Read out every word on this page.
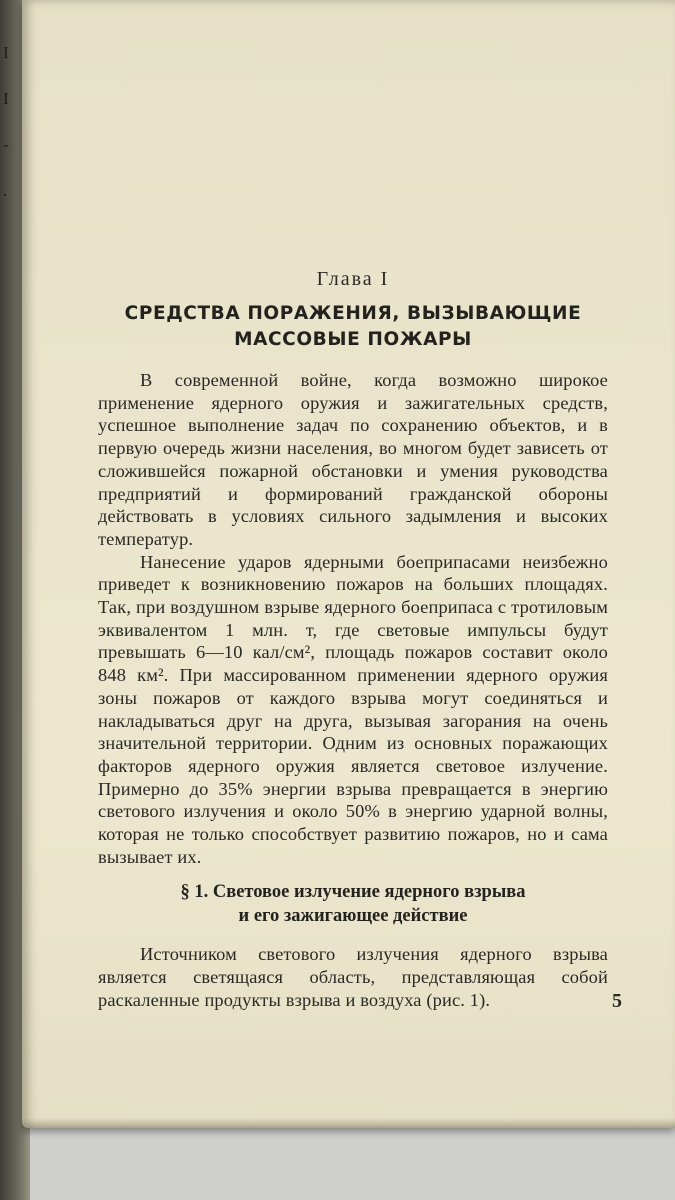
I
I
-
.

Глава I

СРЕДСТВА ПОРАЖЕНИЯ, ВЫЗЫВАЮЩИЕ
МАССОВЫЕ ПОЖАРЫ

В современной войне, когда возможно широкое применение ядерного оружия и зажигательных средств, успешное выполнение задач по сохранению объектов, и в первую очередь жизни населения, во многом будет зависеть от сложившейся пожарной обстановки и умения руководства предприятий и формирований гражданской обороны действовать в условиях сильного задымления и высоких температур.

Нанесение ударов ядерными боеприпасами неизбежно приведет к возникновению пожаров на больших площадях. Так, при воздушном взрыве ядерного боеприпаса с тротиловым эквивалентом 1 млн. т, где световые импульсы будут превышать 6—10 кал/см², площадь пожаров составит около 848 км². При массированном применении ядерного оружия зоны пожаров от каждого взрыва могут соединяться и накладываться друг на друга, вызывая загорания на очень значительной территории. Одним из основных поражающих факторов ядерного оружия является световое излучение. Примерно до 35% энергии взрыва превращается в энергию светового излучения и около 50% в энергию ударной волны, которая не только способствует развитию пожаров, но и сама вызывает их.

§ 1. Световое излучение ядерного взрыва
и его зажигающее действие

Источником светового излучения ядерного взрыва является светящаяся область, представляющая собой раскаленные продукты взрыва и воздуха (рис. 1).	5
